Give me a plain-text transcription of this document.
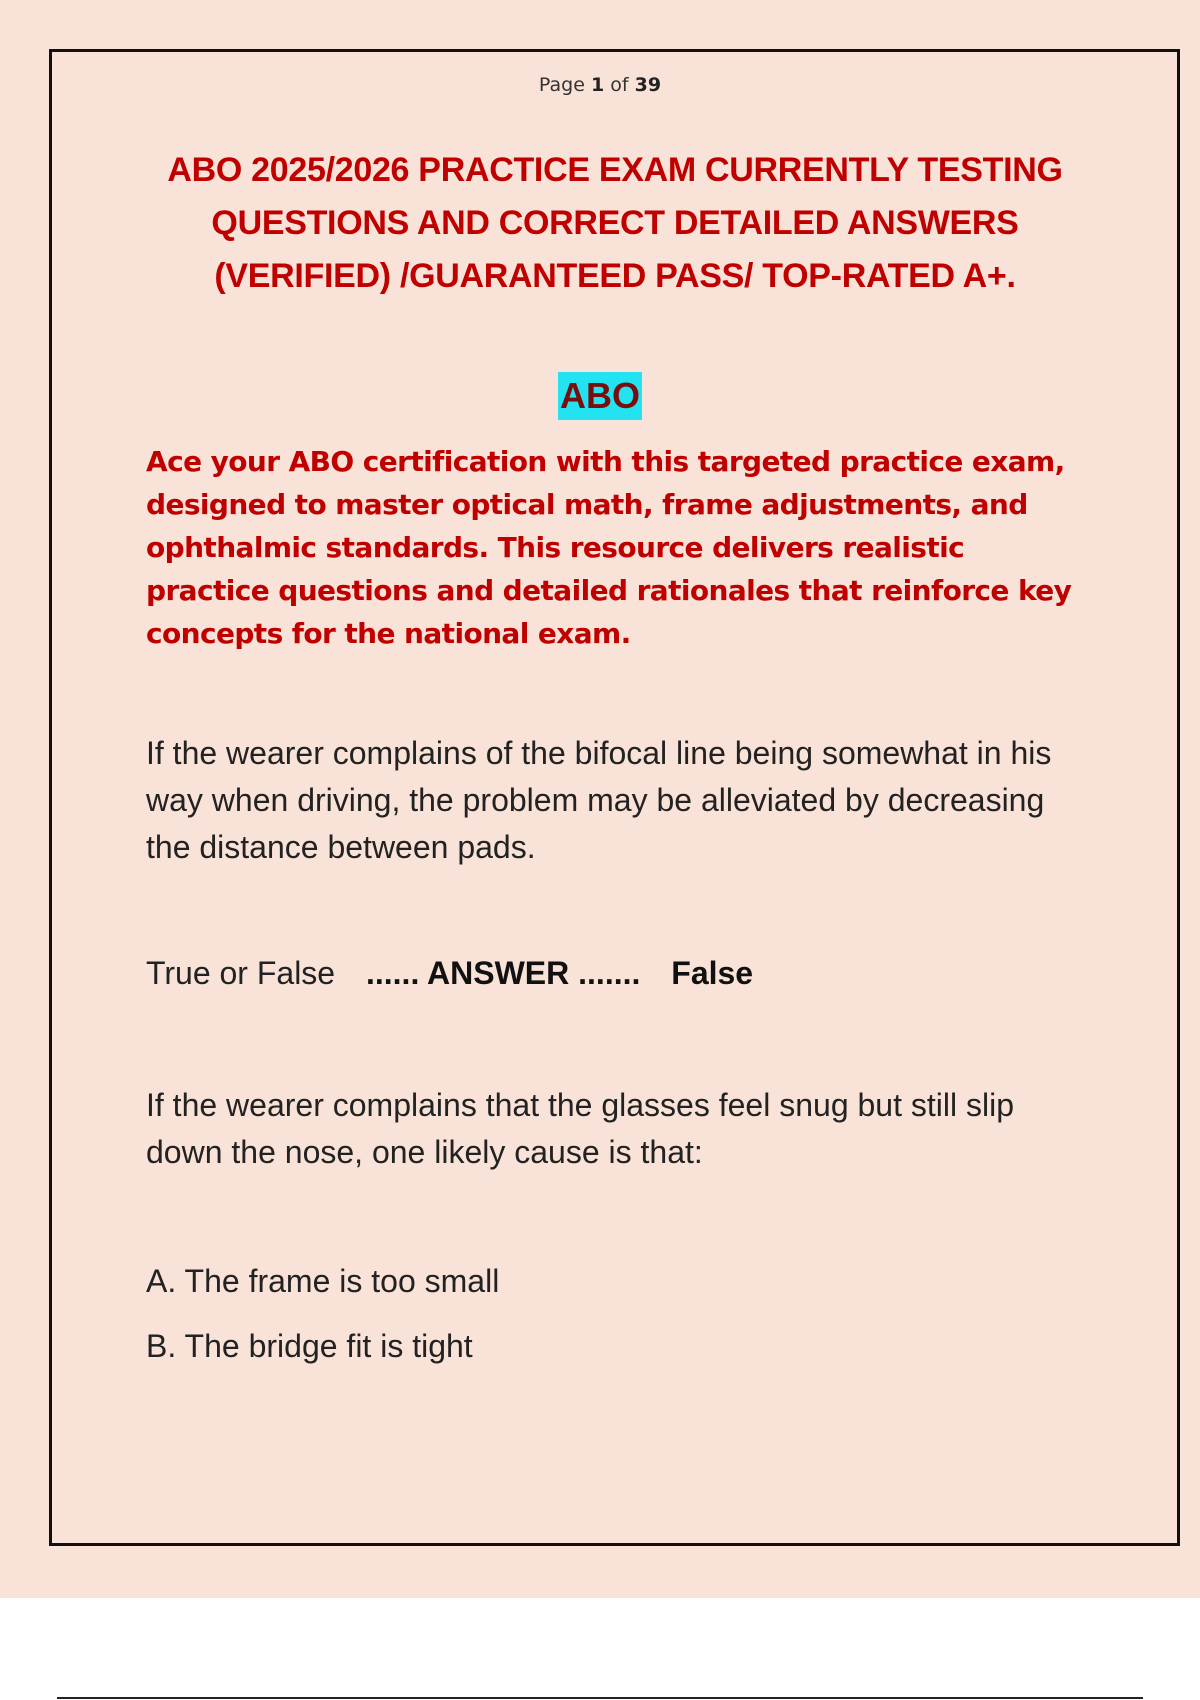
Page 1 of 39
ABO 2025/2026 PRACTICE EXAM CURRENTLY TESTING QUESTIONS AND CORRECT DETAILED ANSWERS (VERIFIED) /GUARANTEED PASS/ TOP-RATED A+.
ABO
Ace your ABO certification with this targeted practice exam, designed to master optical math, frame adjustments, and ophthalmic standards. This resource delivers realistic practice questions and detailed rationales that reinforce key concepts for the national exam.
If the wearer complains of the bifocal line being somewhat in his way when driving, the problem may be alleviated by decreasing the distance between pads.
True or False ...... ANSWER ....... False
If the wearer complains that the glasses feel snug but still slip down the nose, one likely cause is that:
A. The frame is too small
B. The bridge fit is tight
